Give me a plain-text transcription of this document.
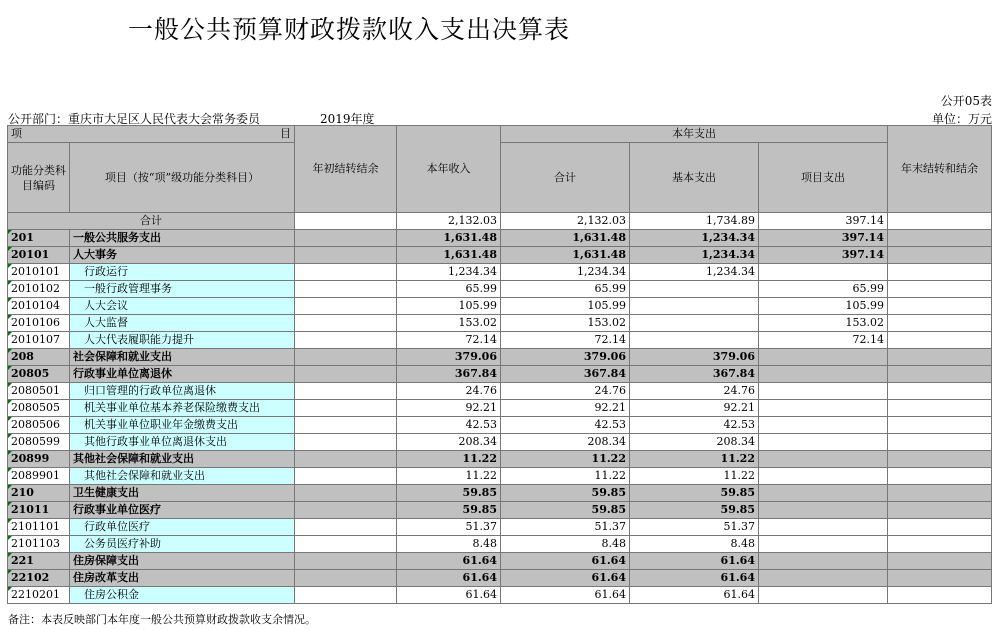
一般公共预算财政拨款收入支出决算表
公开05表
公开部门：重庆市大足区人民代表大会常务委员	2019年度	单位：万元
项 目		年初结转结余	本年收入	本年支出			年末结转和结余
功能分类科目编码	项目（按“项”级功能分类科目）			合计	基本支出	项目支出	
合计			2,132.03	2,132.03	1,734.89	397.14	
201	一般公共服务支出		1,631.48	1,631.48	1,234.34	397.14	
20101	人大事务		1,631.48	1,631.48	1,234.34	397.14	
2010101	行政运行		1,234.34	1,234.34	1,234.34		
2010102	一般行政管理事务		65.99	65.99		65.99	
2010104	人大会议		105.99	105.99		105.99	
2010106	人大监督		153.02	153.02		153.02	
2010107	人大代表履职能力提升		72.14	72.14		72.14	
208	社会保障和就业支出		379.06	379.06	379.06		
20805	行政事业单位离退休		367.84	367.84	367.84		
2080501	归口管理的行政单位离退休		24.76	24.76	24.76		
2080505	机关事业单位基本养老保险缴费支出		92.21	92.21	92.21		
2080506	机关事业单位职业年金缴费支出		42.53	42.53	42.53		
2080599	其他行政事业单位离退休支出		208.34	208.34	208.34		
20899	其他社会保障和就业支出		11.22	11.22	11.22		
2089901	其他社会保障和就业支出		11.22	11.22	11.22		
210	卫生健康支出		59.85	59.85	59.85		
21011	行政事业单位医疗		59.85	59.85	59.85		
2101101	行政单位医疗		51.37	51.37	51.37		
2101103	公务员医疗补助		8.48	8.48	8.48		
221	住房保障支出		61.64	61.64	61.64		
22102	住房改革支出		61.64	61.64	61.64		
2210201	住房公积金		61.64	61.64	61.64		
备注：本表反映部门本年度一般公共预算财政拨款收支余情况。
